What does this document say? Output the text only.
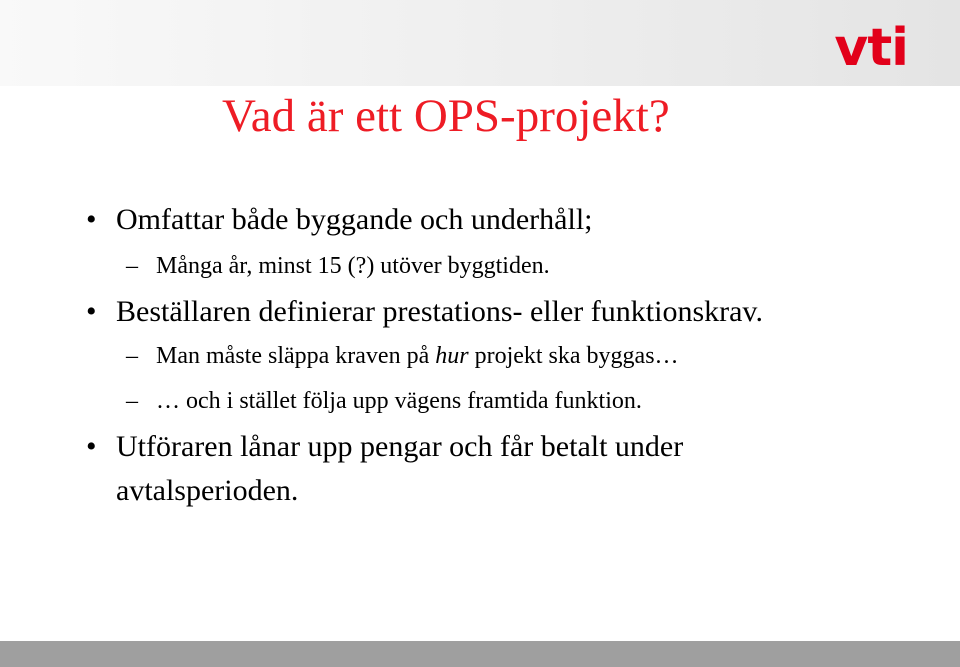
vti
Vad är ett OPS-projekt?
• Omfattar både byggande och underhåll;
– Många år, minst 15 (?) utöver byggtiden.
• Beställaren definierar prestations- eller funktionskrav.
– Man måste släppa kraven på hur projekt ska byggas…
– … och i stället följa upp vägens framtida funktion.
• Utföraren lånar upp pengar och får betalt under avtalsperioden.
